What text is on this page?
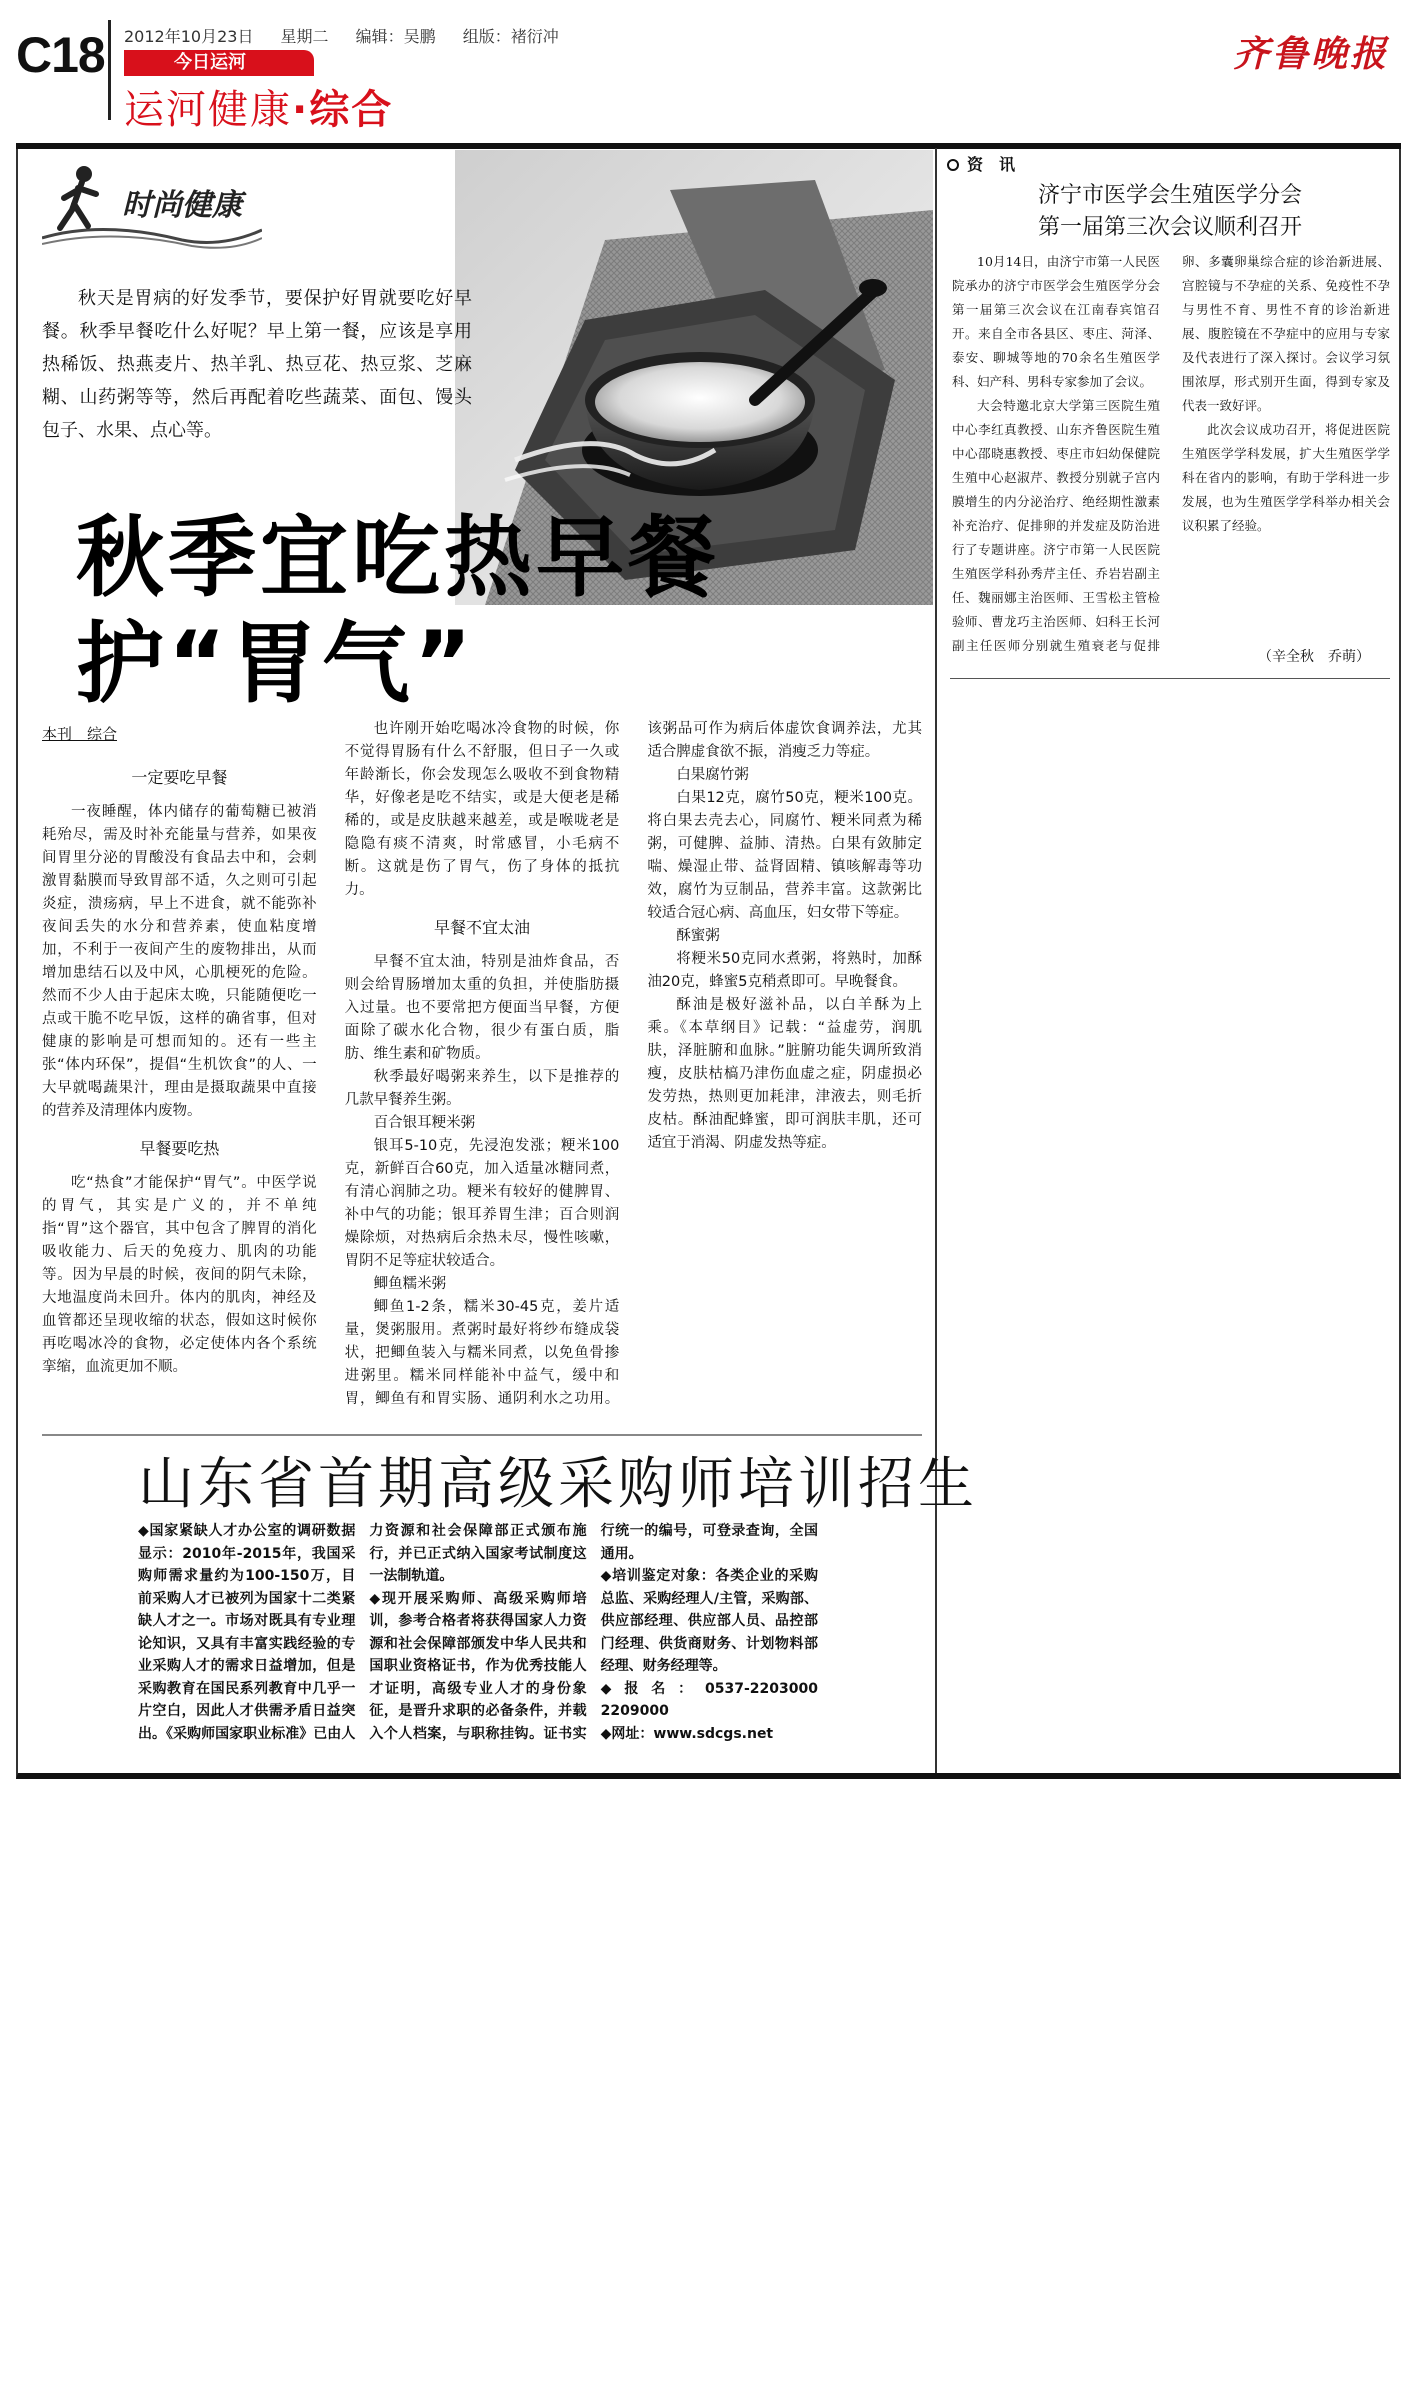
C18 2012年10月23日 星期二 编辑：吴鹏 组版：褚衍冲
今日运河
运河健康·综合
齐鲁晚报
时尚健康
秋天是胃病的好发季节，要保护好胃就要吃好早餐。秋季早餐吃什么好呢？早上第一餐，应该是享用热稀饭、热燕麦片、热羊乳、热豆花、热豆浆、芝麻糊、山药粥等等，然后再配着吃些蔬菜、面包、馒头包子、水果、点心等。
秋季宜吃热早餐
护“胃气”
本刊　综合
一定要吃早餐

一夜睡醒，体内储存的葡萄糖已被消耗殆尽，需及时补充能量与营养，如果夜间胃里分泌的胃酸没有食品去中和，会刺激胃黏膜而导致胃部不适，久之则可引起炎症，溃疡病，早上不进食，就不能弥补夜间丢失的水分和营养素，使血粘度增加，不利于一夜间产生的废物排出，从而增加患结石以及中风，心肌梗死的危险。然而不少人由于起床太晚，只能随便吃一点或干脆不吃早饭，这样的确省事，但对健康的影响是可想而知的。还有一些主张“体内环保”，提倡“生机饮食”的人、一大早就喝蔬果汁，理由是摄取蔬果中直接的营养及清理体内废物。

早餐要吃热

吃“热食”才能保护“胃气”。中医学说的胃气，其实是广义的，并不单纯指“胃”这个器官，其中包含了脾胃的消化吸收能力、后天的免疫力、肌肉的功能等。因为早晨的时候，夜间的阴气未除，大地温度尚未回升。体内的肌肉，神经及血管都还呈现收缩的状态，假如这时候你再吃喝冰冷的食物，必定使体内各个系统挛缩，血流更加不顺。

也许刚开始吃喝冰冷食物的时候，你不觉得胃肠有什么不舒服，但日子一久或年龄渐长，你会发现怎么吸收不到食物精华，好像老是吃不结实，或是大便老是稀稀的，或是皮肤越来越差，或是喉咙老是隐隐有痰不清爽，时常感冒，小毛病不断。这就是伤了胃气，伤了身体的抵抗力。

早餐不宜太油

早餐不宜太油，特别是油炸食品，否则会给胃肠增加太重的负担，并使脂肪摄入过量。也不要常把方便面当早餐，方便面除了碳水化合物，很少有蛋白质，脂肪、维生素和矿物质。

秋季最好喝粥来养生，以下是推荐的几款早餐养生粥。

百合银耳粳米粥

银耳5-10克，先浸泡发涨；粳米100克，新鲜百合60克，加入适量冰糖同煮，有清心润肺之功。粳米有较好的健脾胃、补中气的功能；银耳养胃生津；百合则润燥除烦，对热病后余热未尽，慢性咳嗽，胃阴不足等症状较适合。

鲫鱼糯米粥

鲫鱼1-2条，糯米30-45克，姜片适量，煲粥服用。煮粥时最好将纱布缝成袋状，把鲫鱼装入与糯米同煮，以免鱼骨掺进粥里。糯米同样能补中益气，缓中和胃，鲫鱼有和胃实肠、通阴利水之功用。该粥品可作为病后体虚饮食调养法，尤其适合脾虚食欲不振，消瘦乏力等症。

白果腐竹粥

白果12克，腐竹50克，粳米100克。将白果去壳去心，同腐竹、粳米同煮为稀粥，可健脾、益肺、清热。白果有敛肺定喘、燥湿止带、益肾固精、镇咳解毒等功效，腐竹为豆制品，营养丰富。这款粥比较适合冠心病、高血压，妇女带下等症。

酥蜜粥

将粳米50克同水煮粥，将熟时，加酥油20克，蜂蜜5克稍煮即可。早晚餐食。

酥油是极好滋补品，以白羊酥为上乘。《本草纲目》记载：“益虚劳，润肌肤，泽脏腑和血脉。”脏腑功能失调所致消瘦，皮肤枯槁乃津伤血虚之症，阴虚损必发劳热，热则更加耗津，津液去，则毛折皮枯。酥油配蜂蜜，即可润肤丰肌，还可适宜于消渴、阴虚发热等症。

资　讯
济宁市医学会生殖医学分会
第一届第三次会议顺利召开

10月14日，由济宁市第一人民医院承办的济宁市医学会生殖医学分会第一届第三次会议在江南春宾馆召开。来自全市各县区、枣庄、菏泽、泰安、聊城等地的70余名生殖医学科、妇产科、男科专家参加了会议。

大会特邀北京大学第三医院生殖中心李红真教授、山东齐鲁医院生殖中心邵晓惠教授、枣庄市妇幼保健院生殖中心赵淑芹、教授分别就子宫内膜增生的内分泌治疗、绝经期性激素补充治疗、促排卵的并发症及防治进行了专题讲座。济宁市第一人民医院生殖医学科孙秀芹主任、乔岩岩副主任、魏丽娜主治医师、王雪松主管检验师、曹龙巧主治医师、妇科王长河副主任医师分别就生殖衰老与促排卵、多囊卵巢综合症的诊治新进展、宫腔镜与不孕症的关系、免疫性不孕与男性不育、男性不育的诊治新进展、腹腔镜在不孕症中的应用与专家及代表进行了深入探讨。会议学习氛围浓厚，形式别开生面，得到专家及代表一致好评。

此次会议成功召开，将促进医院生殖医学学科发展，扩大生殖医学学科在省内的影响，有助于学科进一步发展，也为生殖医学学科举办相关会议积累了经验。

（辛全秋　乔萌）
山东省首期高级采购师培训招生

◆国家紧缺人才办公室的调研数据显示：2010年-2015年，我国采购师需求量约为100-150万，目前采购人才已被列为国家十二类紧缺人才之一。市场对既具有专业理论知识，又具有丰富实践经验的专业采购人才的需求日益增加，但是采购教育在国民系列教育中几乎一片空白，因此人才供需矛盾日益突出。《采购师国家职业标准》已由人力资源和社会保障部正式颁布施行，并已正式纳入国家考试制度这一法制轨道。

◆现开展采购师、高级采购师培训，参考合格者将获得国家人力资源和社会保障部颁发中华人民共和国职业资格证书，作为优秀技能人才证明，高级专业人才的身份象征，是晋升求职的必备条件，并载入个人档案，与职称挂钩。证书实行统一的编号，可登录查询，全国通用。

◆培训鉴定对象：各类企业的采购总监、采购经理人/主管，采购部、供应部经理、供应部人员、品控部门经理、供货商财务、计划物料部经理、财务经理等。

◆报名：0537-2203000　2209000

◆网址：www.sdcgs.net
